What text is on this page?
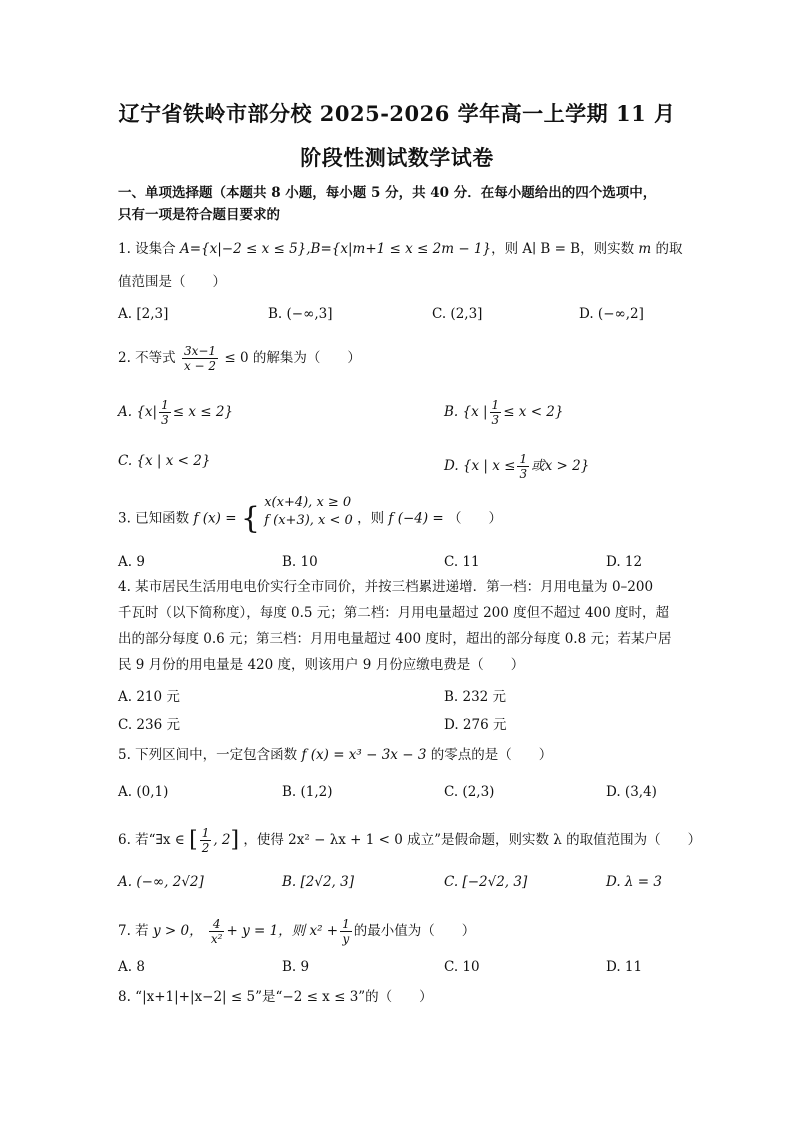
辽宁省铁岭市部分校 2025-2026 学年高一上学期 11 月
阶段性测试数学试卷
一、单项选择题（本题共 8 小题，每小题 5 分，共 40 分．在每小题给出的四个选项中，
只有一项是符合题目要求的
1. 设集合 A={x|−2 ≤ x ≤ 5},B={x|m+1 ≤ x ≤ 2m − 1}，则 A∣ B = B，则实数 m 的取
值范围是（　　）
A. [2,3]	B. (−∞,3]	C. (2,3]	D. (−∞,2]
2. 不等式 $\frac{3x-1}{x - 2} \le 0$ 的解集为（　　）
A. $\{x| \frac{1}{3} \le x \le 2\}$	B. {x | $\frac{1}{3} \le x < 2$}
C. {x | x < 2}	D. {x | $x \le \frac{1}{3}$ 或x > 2}
3. 已知函数 f (x) = { x(x+4), x ≥ 0
f (x+3), x < 0 ，则 f (−4) = （　　）
A. 9	B. 10	C. 11	D. 12
4. 某市居民生活用电电价实行全市同价，并按三档累进递增．第一档：月用电量为 0–200
千瓦时（以下简称度），每度 0.5 元；第二档：月用电量超过 200 度但不超过 400 度时，超
出的部分每度 0.6 元；第三档：月用电量超过 400 度时，超出的部分每度 0.8 元；若某户居
民 9 月份的用电量是 420 度，则该用户 9 月份应缴电费是（　　）
A. 210 元	B. 232 元
C. 236 元	D. 276 元
5. 下列区间中，一定包含函数 f (x) = x³ − 3x − 3 的零点的是（　　）
A. (0,1)	B. (1,2)	C. (2,3)	D. (3,4)
6. 若“∃x ∈ [ $\frac{1}{2}$ , 2] ，使得 2x² − λx + 1 < 0 成立”是假命题，则实数 λ 的取值范围为（　　）
A. (−∞, 2√2]	B. [2√2, 3]	C. [−2√2, 3]	D. λ = 3
7. 若 y > 0， $\frac{4}{\text{x²}} + y = 1$，则 $x^2 + \frac{1}{y}$ 的最小值为（　　）
A. 8	B. 9	C. 10	D. 11
8. “|x+1|+|x−2| ≤ 5”是“−2 ≤ x ≤ 3”的（　　）
